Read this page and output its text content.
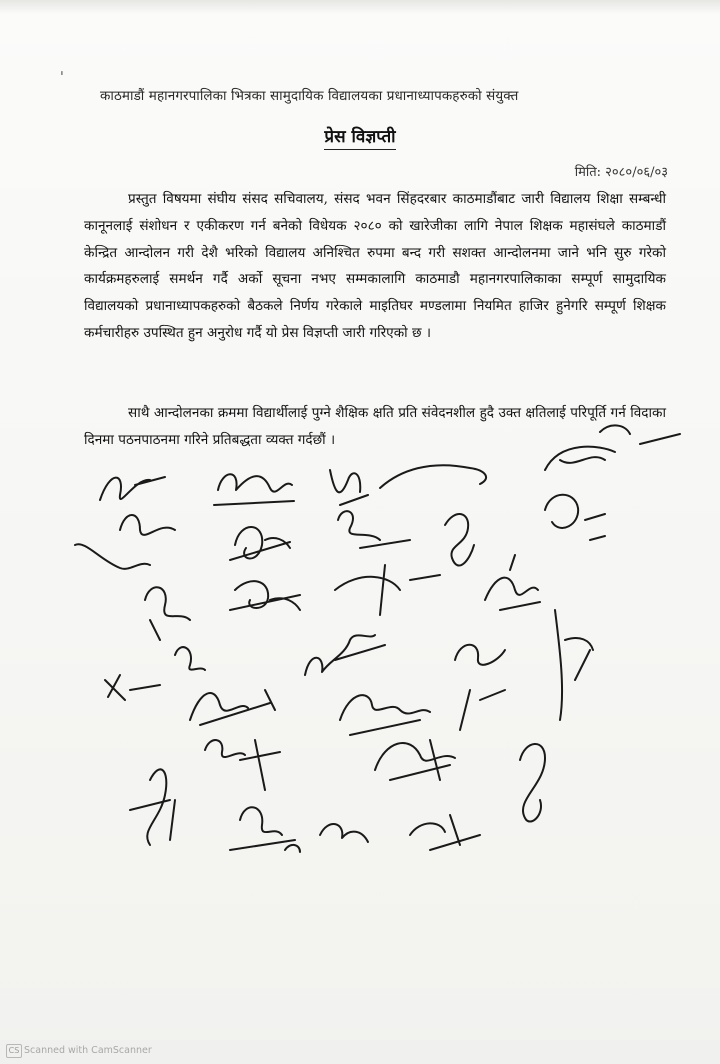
ˈ
काठमाडौं महानगरपालिका भित्रका सामुदायिक विद्यालयका प्रधानाध्यापकहरुको संयुक्त
प्रेस विज्ञप्ती
मिति: २०८०/०६/०३
प्रस्तुत विषयमा संघीय संसद सचिवालय, संसद भवन सिंहदरबार काठमाडौंबाट जारी विद्यालय शिक्षा सम्बन्धी कानूनलाई संशोधन र एकीकरण गर्न बनेको विधेयक २०८० को खारेजीका लागि नेपाल शिक्षक महासंघले काठमाडौं केन्द्रित आन्दोलन गरी देशै भरिको विद्यालय अनिश्चित रुपमा बन्द गरी सशक्त आन्दोलनमा जाने भनि सुरु गरेको कार्यक्रमहरुलाई समर्थन गर्दै अर्को सूचना नभए सम्मकालागि काठमाडौ महानगरपालिकाका सम्पूर्ण सामुदायिक विद्यालयको प्रधानाध्यापकहरुको बैठकले निर्णय गरेकाले माइतिघर मण्डलामा नियमित हाजिर हुनेगरि सम्पूर्ण शिक्षक कर्मचारीहरु उपस्थित हुन अनुरोध गर्दै यो प्रेस विज्ञप्ती जारी गरिएको छ ।
साथै आन्दोलनका क्रममा विद्यार्थीलाई पुग्ने शैक्षिक क्षति प्रति संवेदनशील हुदै उक्त क्षतिलाई परिपूर्ति गर्न विदाका दिनमा पठनपाठनमा गरिने प्रतिबद्धता व्यक्त गर्दछौं ।
CS Scanned with CamScanner
